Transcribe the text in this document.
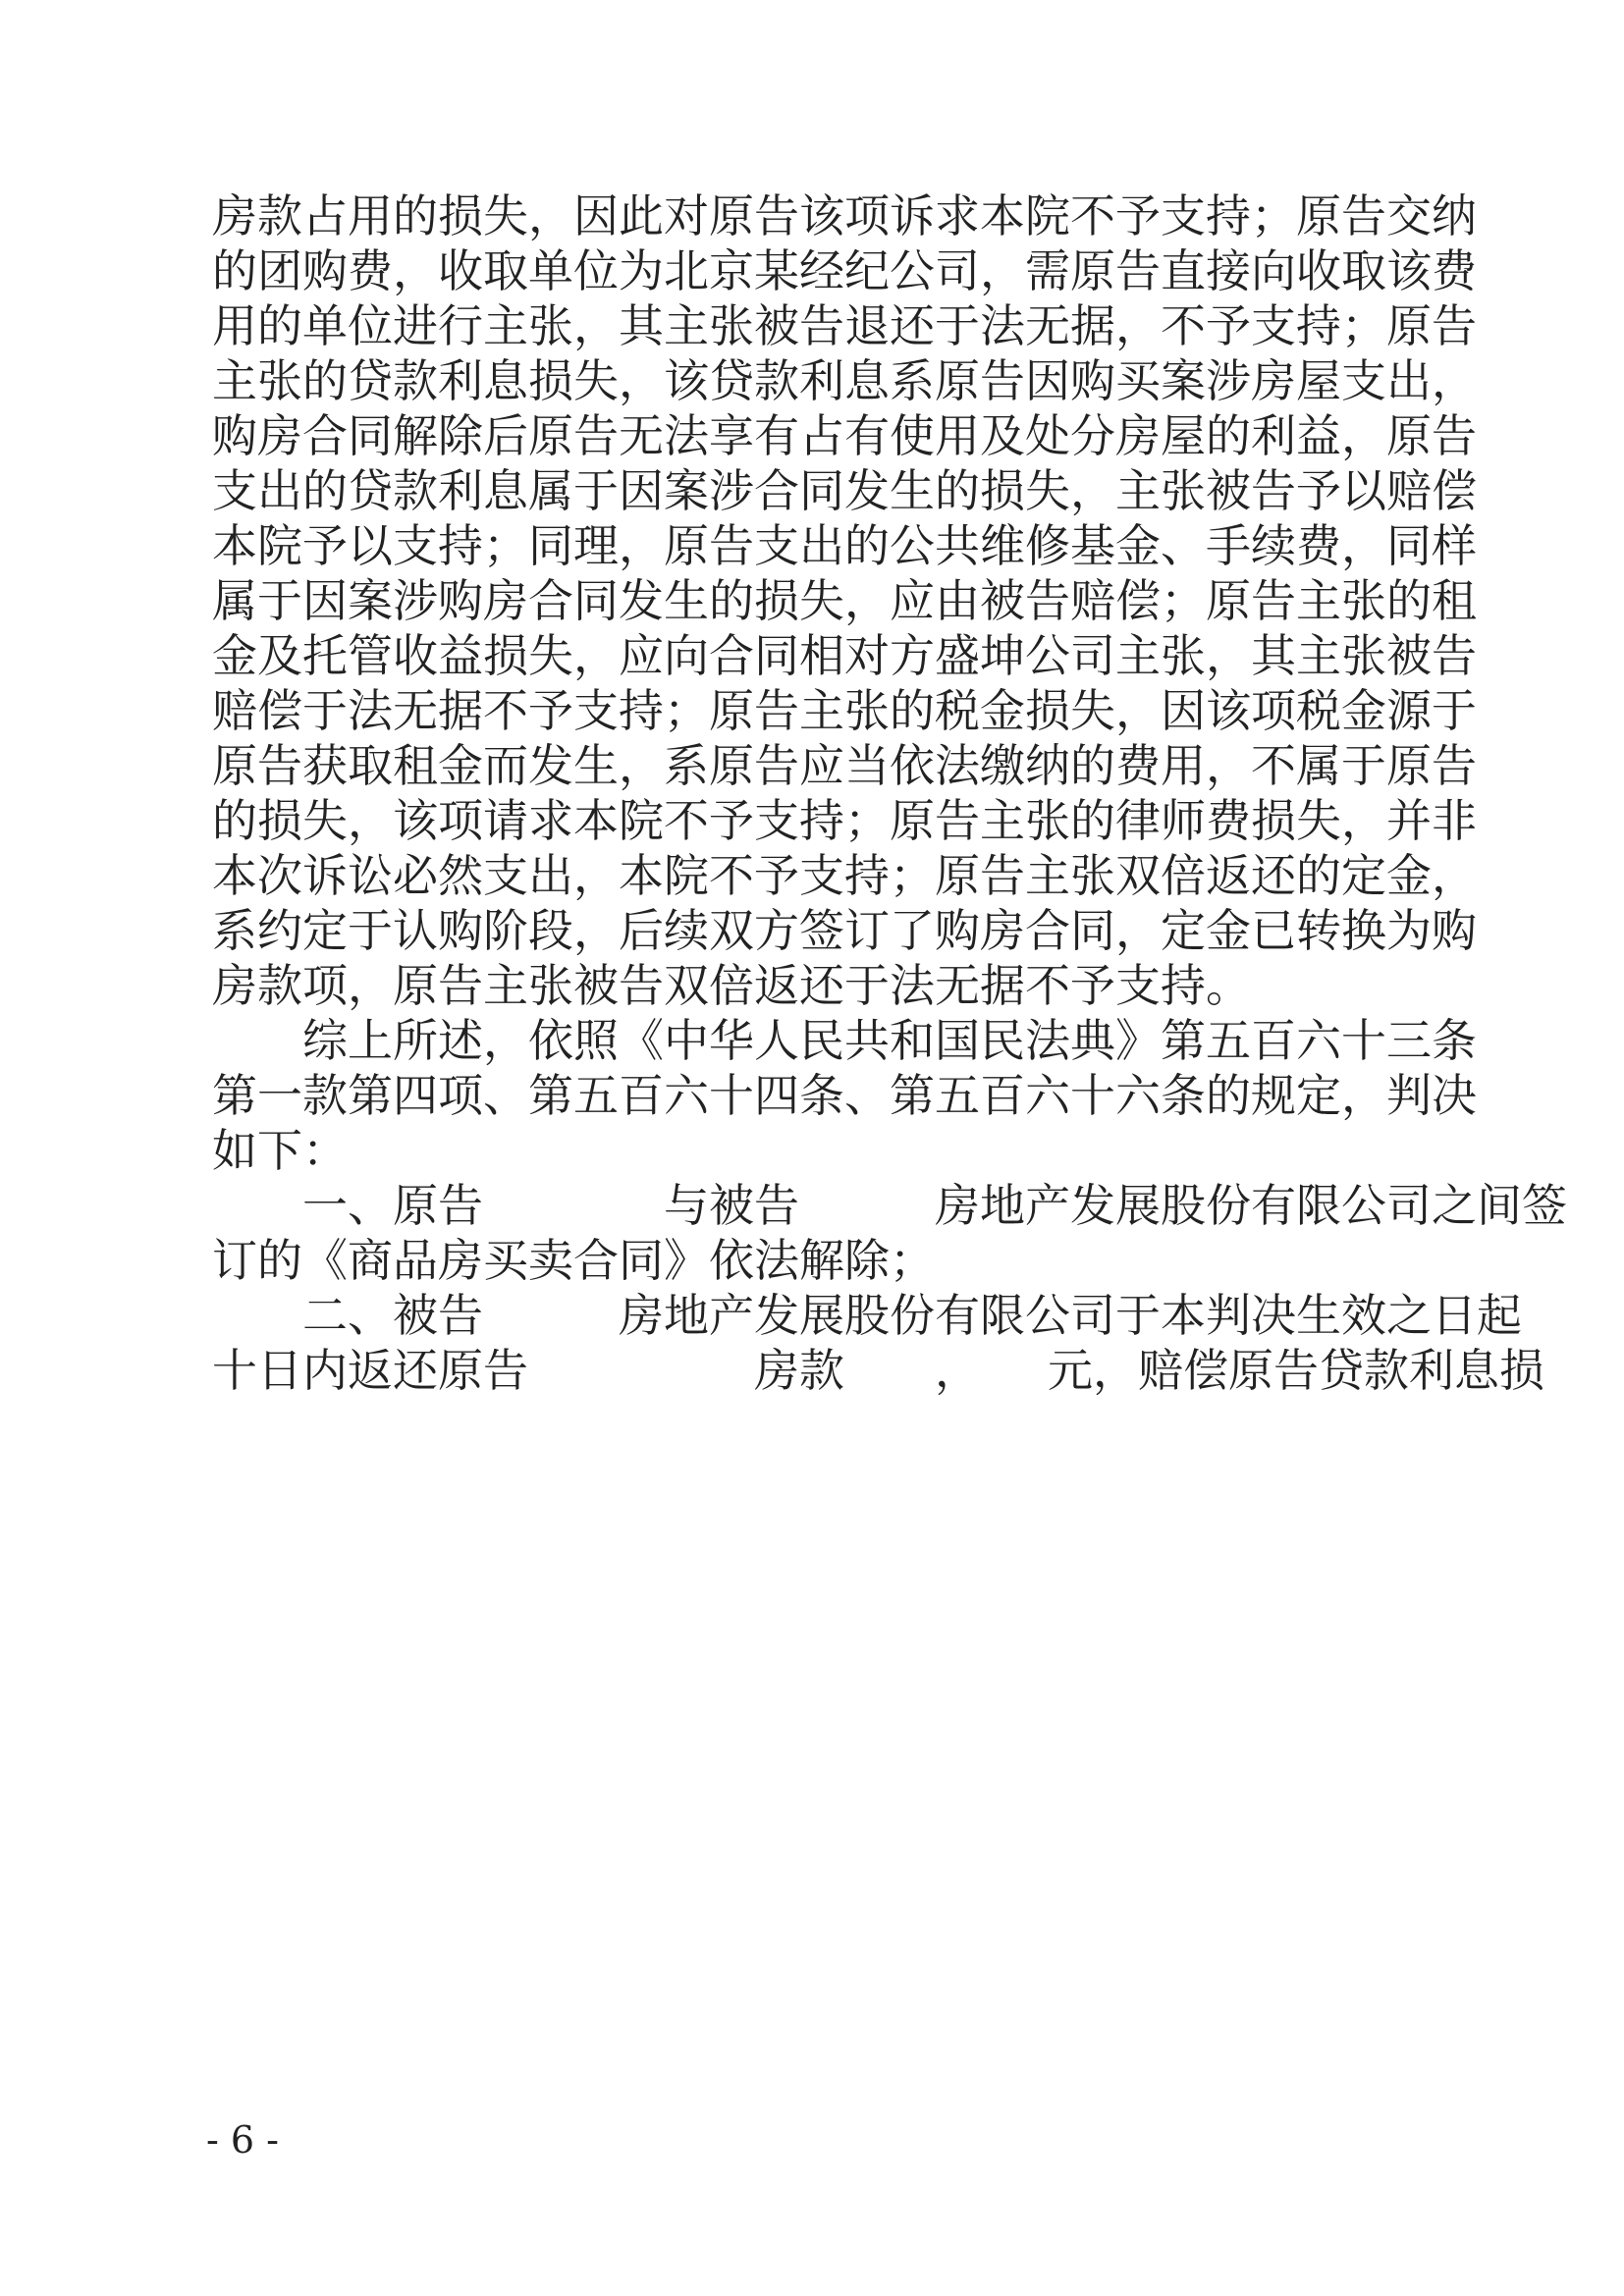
房款占用的损失，因此对原告该项诉求本院不予支持；原告交纳
的团购费，收取单位为北京某经纪公司，需原告直接向收取该费
用的单位进行主张，其主张被告退还于法无据，不予支持；原告
主张的贷款利息损失，该贷款利息系原告因购买案涉房屋支出，
购房合同解除后原告无法享有占有使用及处分房屋的利益，原告
支出的贷款利息属于因案涉合同发生的损失，主张被告予以赔偿
本院予以支持；同理，原告支出的公共维修基金、手续费，同样
属于因案涉购房合同发生的损失，应由被告赔偿；原告主张的租
金及托管收益损失，应向合同相对方盛坤公司主张，其主张被告
赔偿于法无据不予支持；原告主张的税金损失，因该项税金源于
原告获取租金而发生，系原告应当依法缴纳的费用，不属于原告
的损失，该项请求本院不予支持；原告主张的律师费损失，并非
本次诉讼必然支出，本院不予支持；原告主张双倍返还的定金，
系约定于认购阶段，后续双方签订了购房合同，定金已转换为购
房款项，原告主张被告双倍返还于法无据不予支持。
综上所述，依照《中华人民共和国民法典》第五百六十三条
第一款第四项、第五百六十四条、第五百六十六条的规定，判决
如下：
一、原告　　　　与被告　　　房地产发展股份有限公司之间签
订的《商品房买卖合同》依法解除；
二、被告　　　房地产发展股份有限公司于本判决生效之日起
十日内返还原告　　　　　房款　　，　　元，赔偿原告贷款利息损
- 6 -
